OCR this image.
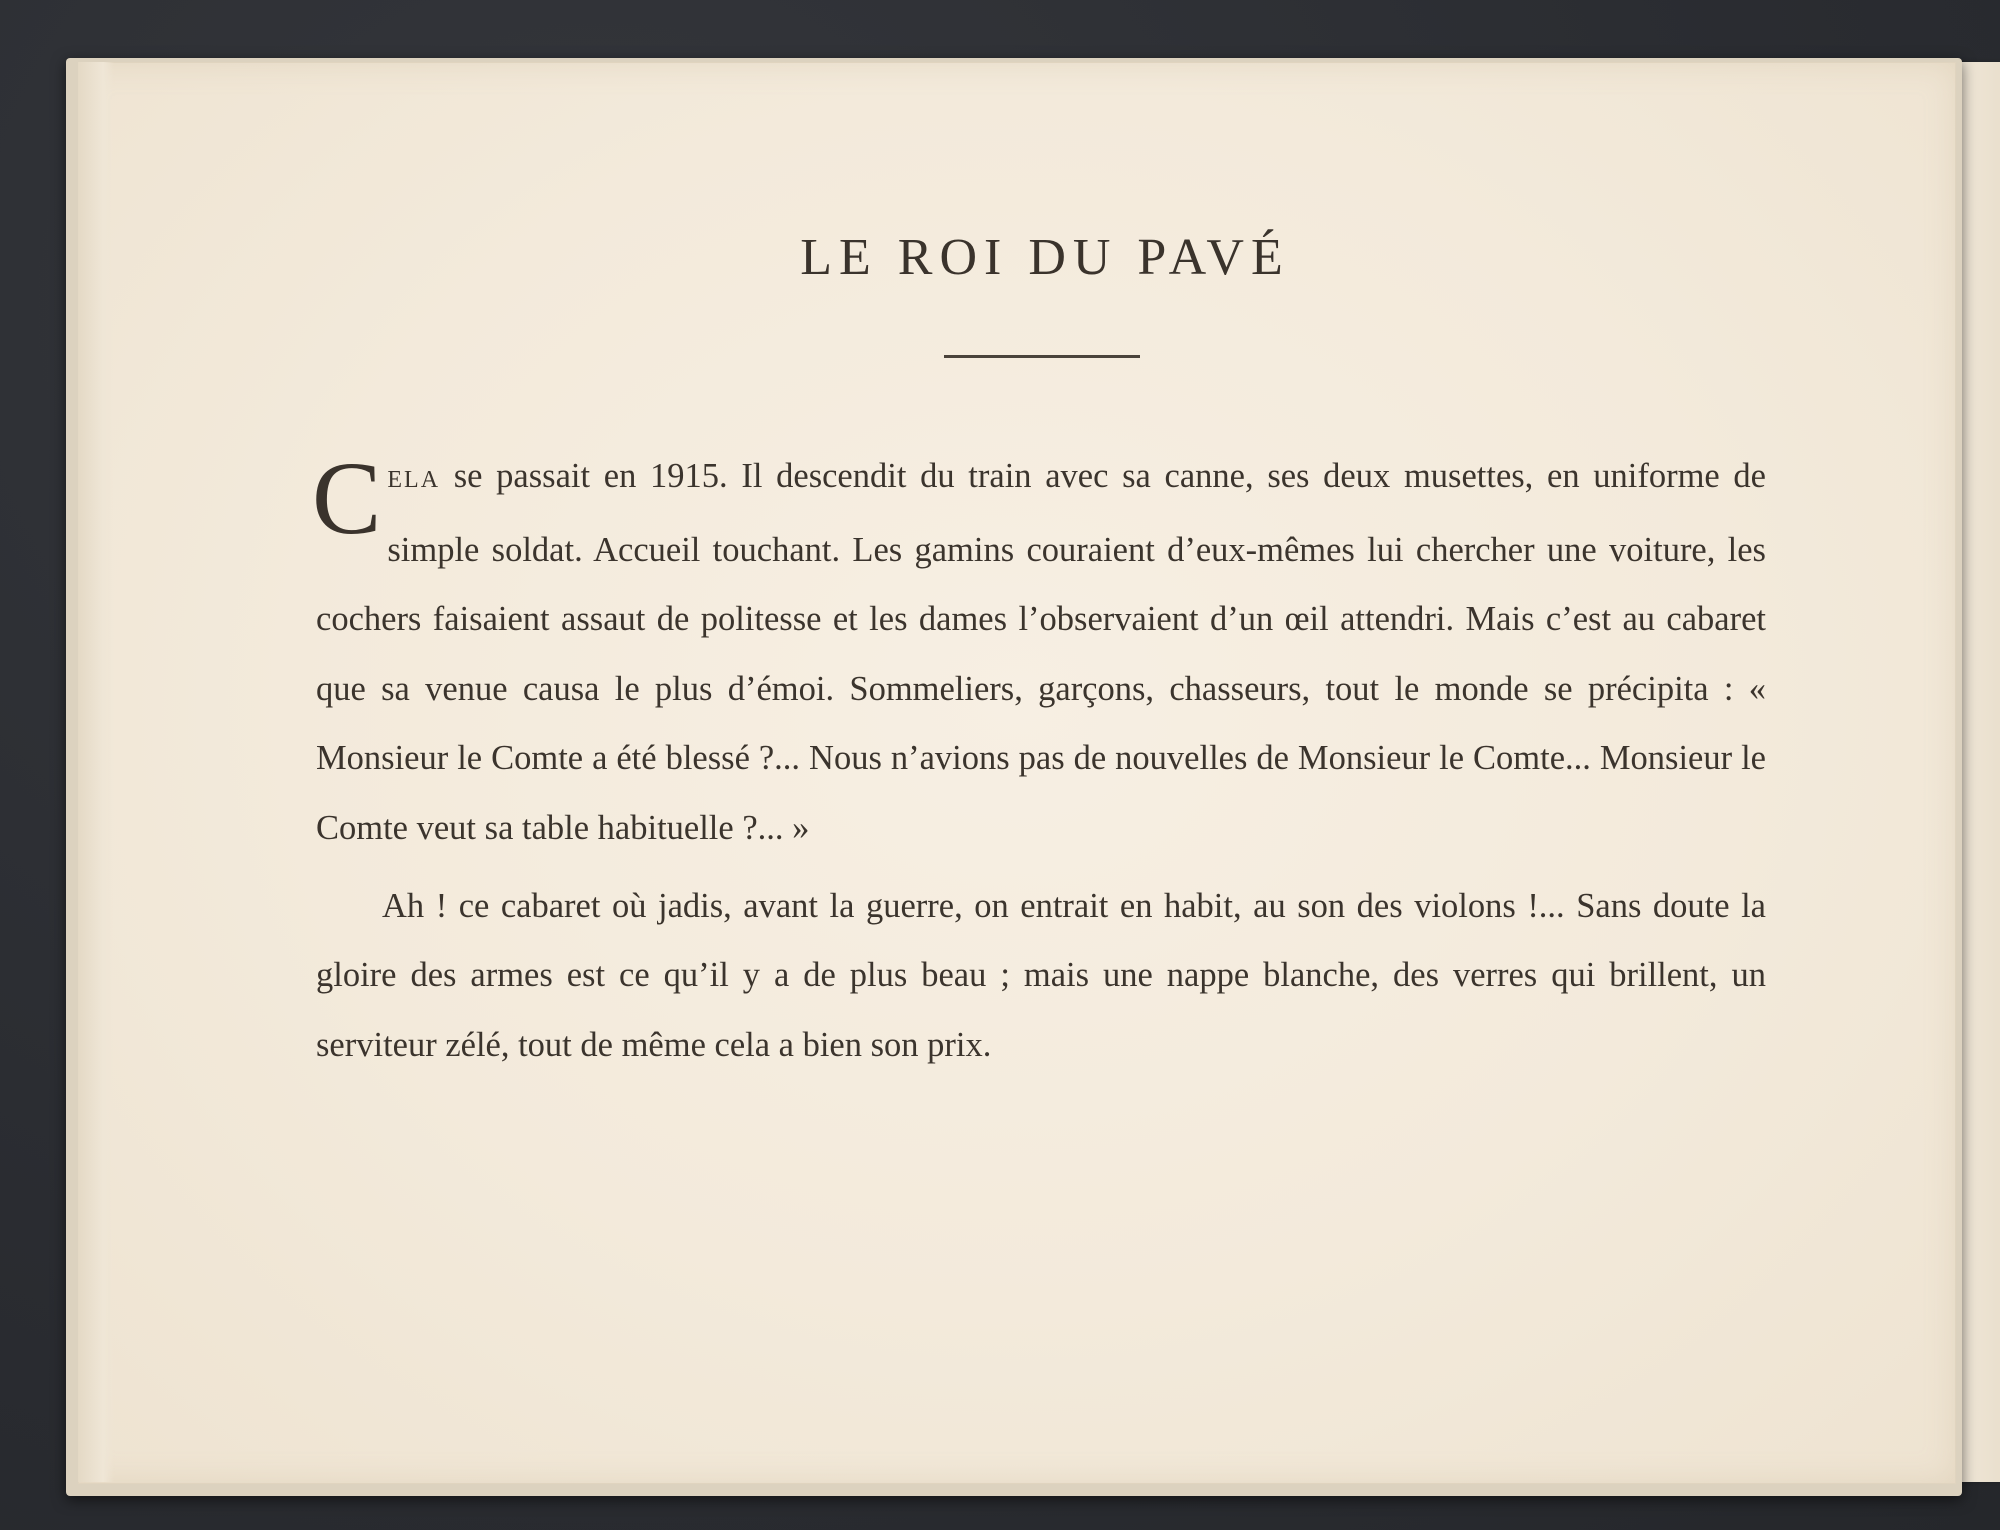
LE ROI DU PAVÉ

CELA se passait en 1915. Il descendit du train avec sa canne, ses deux musettes, en uniforme de simple soldat. Accueil touchant. Les gamins couraient d’eux-mêmes lui chercher une voiture, les cochers faisaient assaut de politesse et les dames l’observaient d’un œil attendri. Mais c’est au cabaret que sa venue causa le plus d’émoi. Sommeliers, garçons, chasseurs, tout le monde se précipita : « Monsieur le Comte a été blessé ?... Nous n’avions pas de nouvelles de Monsieur le Comte... Monsieur le Comte veut sa table habituelle ?... »

Ah ! ce cabaret où jadis, avant la guerre, on entrait en habit, au son des violons !... Sans doute la gloire des armes est ce qu’il y a de plus beau ; mais une nappe blanche, des verres qui brillent, un serviteur zélé, tout de même cela a bien son prix.
